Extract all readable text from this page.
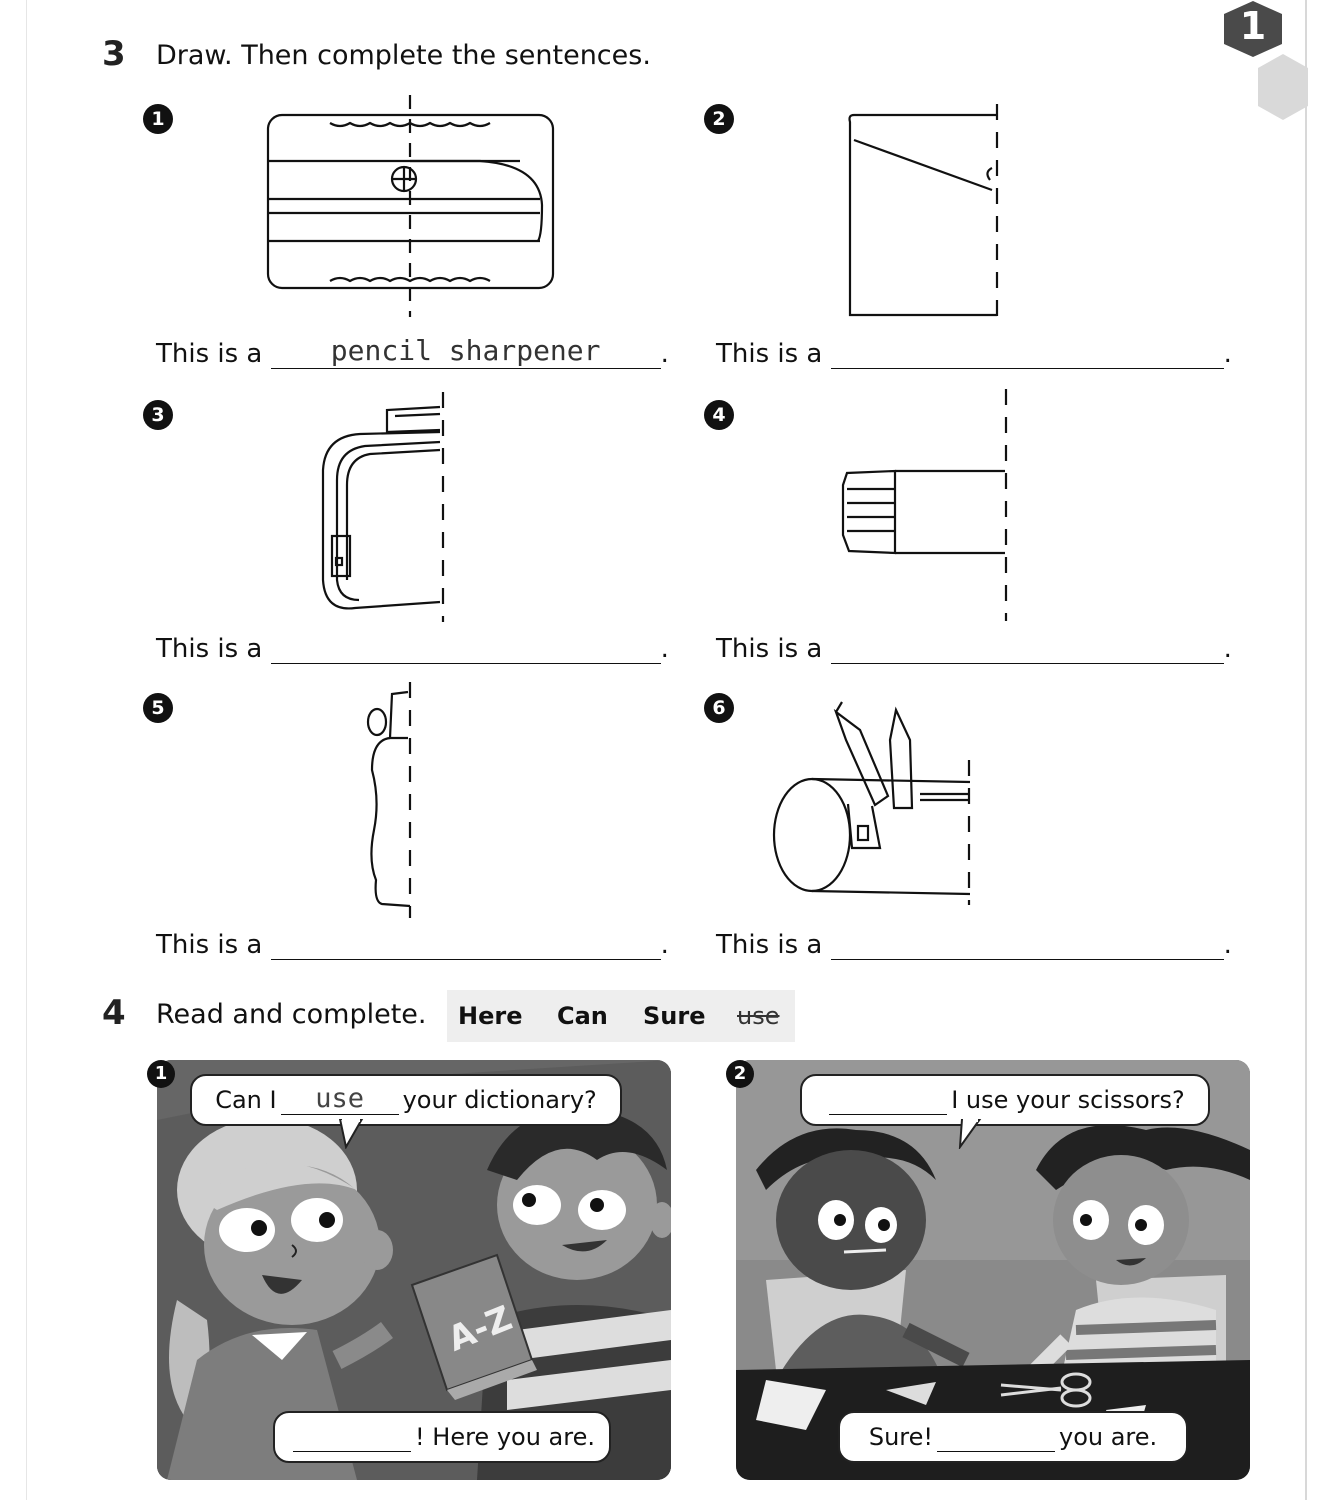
1
3 Draw. Then complete the sentences.
1	2
3	4
5	6
This is a pencil sharpener . This is a	.
This is a	. This is a	.
This is a	. This is a	.
4 Read and complete. Here Can Sure use
A-Z
1
Can I	use	your dictionary?
! Here you are.
2
I use your scissors?
Sure!	you are.
